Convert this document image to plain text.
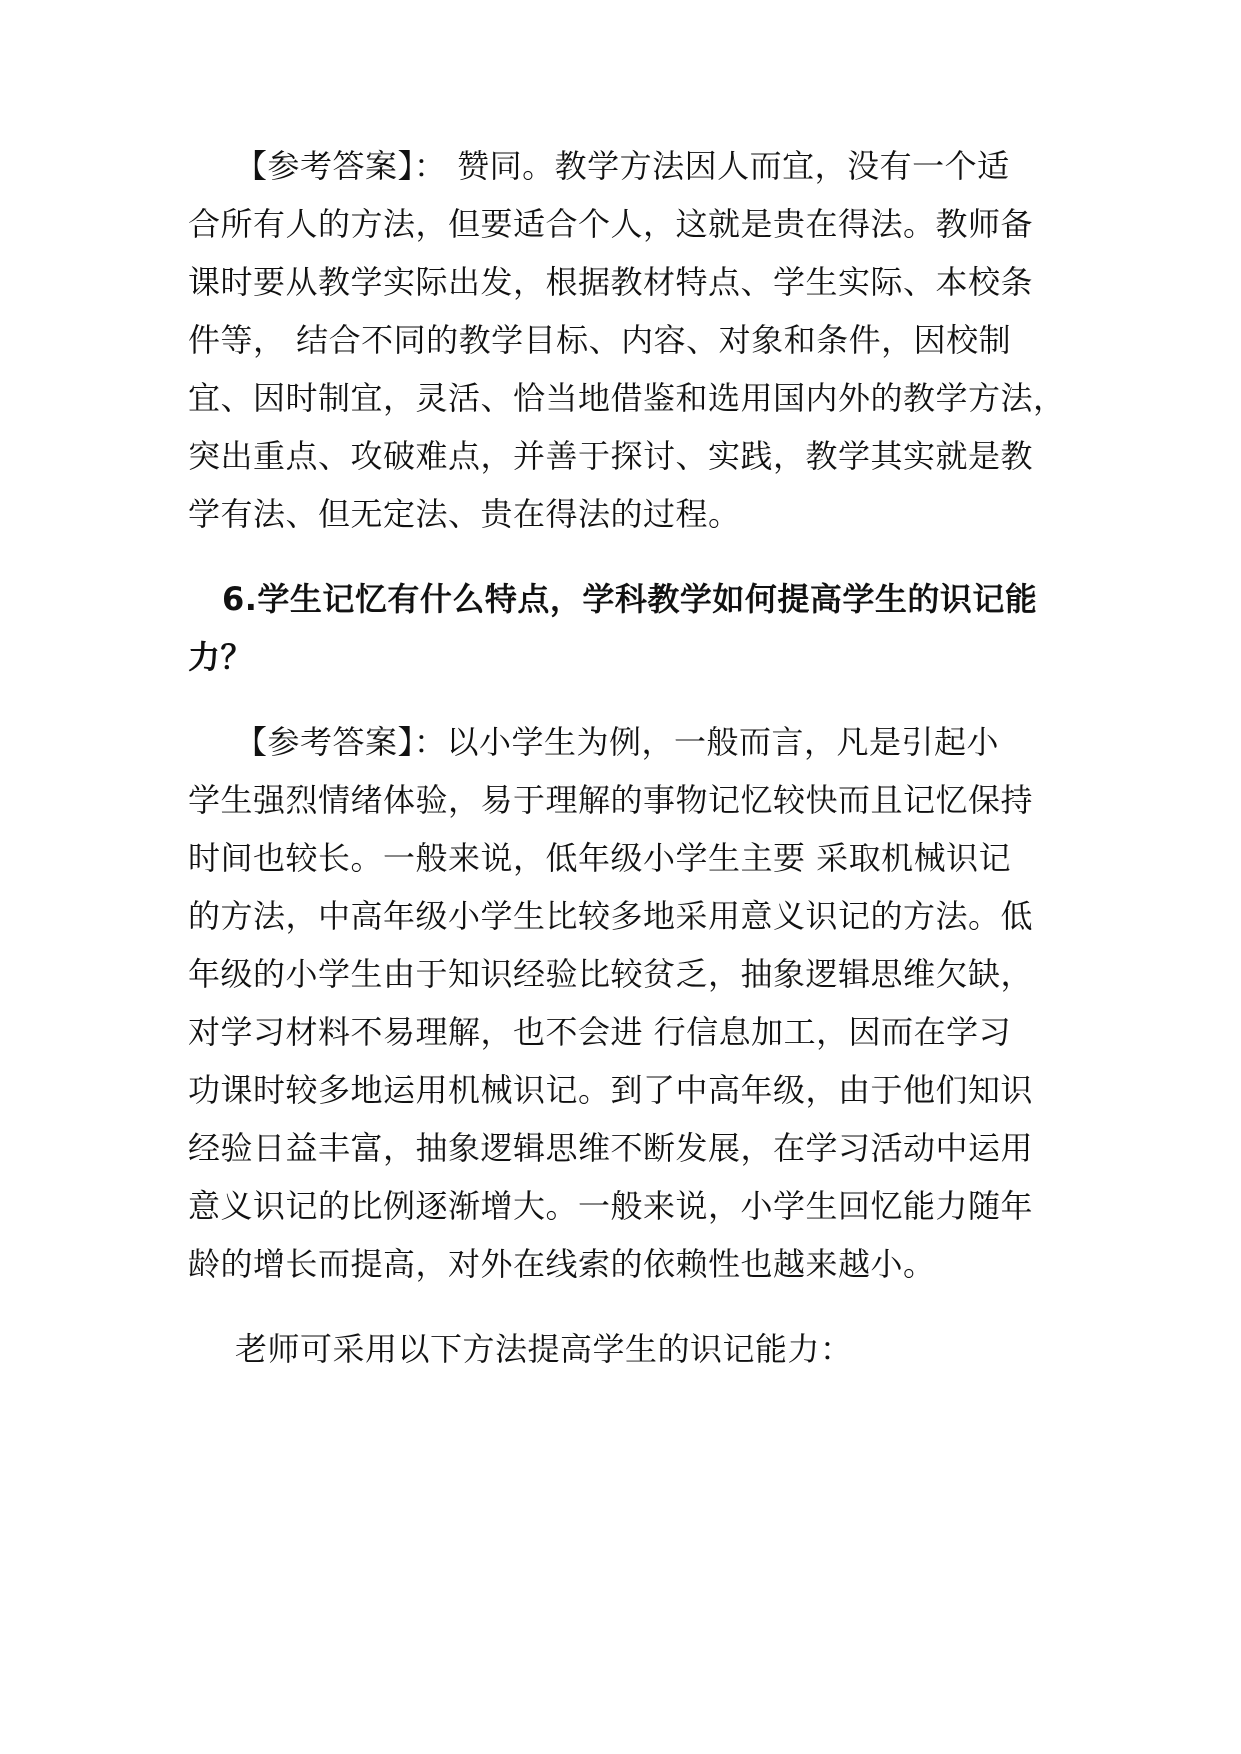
【参考答案】： 赞同。教学方法因人而宜，没有一个适
合所有人的方法，但要适合个人，这就是贵在得法。教师备
课时要从教学实际出发，根据教材特点、学生实际、本校条
件等， 结合不同的教学目标、内容、对象和条件，因校制
宜、因时制宜，灵活、恰当地借鉴和选用国内外的教学方法，
突出重点、攻破难点，并善于探讨、实践，教学其实就是教
学有法、但无定法、贵在得法的过程。
6.学生记忆有什么特点，学科教学如何提高学生的识记能
力？
【参考答案】：以小学生为例，一般而言，凡是引起小
学生强烈情绪体验，易于理解的事物记忆较快而且记忆保持
时间也较长。一般来说，低年级小学生主要 采取机械识记
的方法，中高年级小学生比较多地采用意义识记的方法。低
年级的小学生由于知识经验比较贫乏，抽象逻辑思维欠缺，
对学习材料不易理解，也不会进 行信息加工，因而在学习
功课时较多地运用机械识记。到了中高年级，由于他们知识
经验日益丰富，抽象逻辑思维不断发展，在学习活动中运用
意义识记的比例逐渐增大。一般来说，小学生回忆能力随年
龄的增长而提高，对外在线索的依赖性也越来越小。
老师可采用以下方法提高学生的识记能力：
